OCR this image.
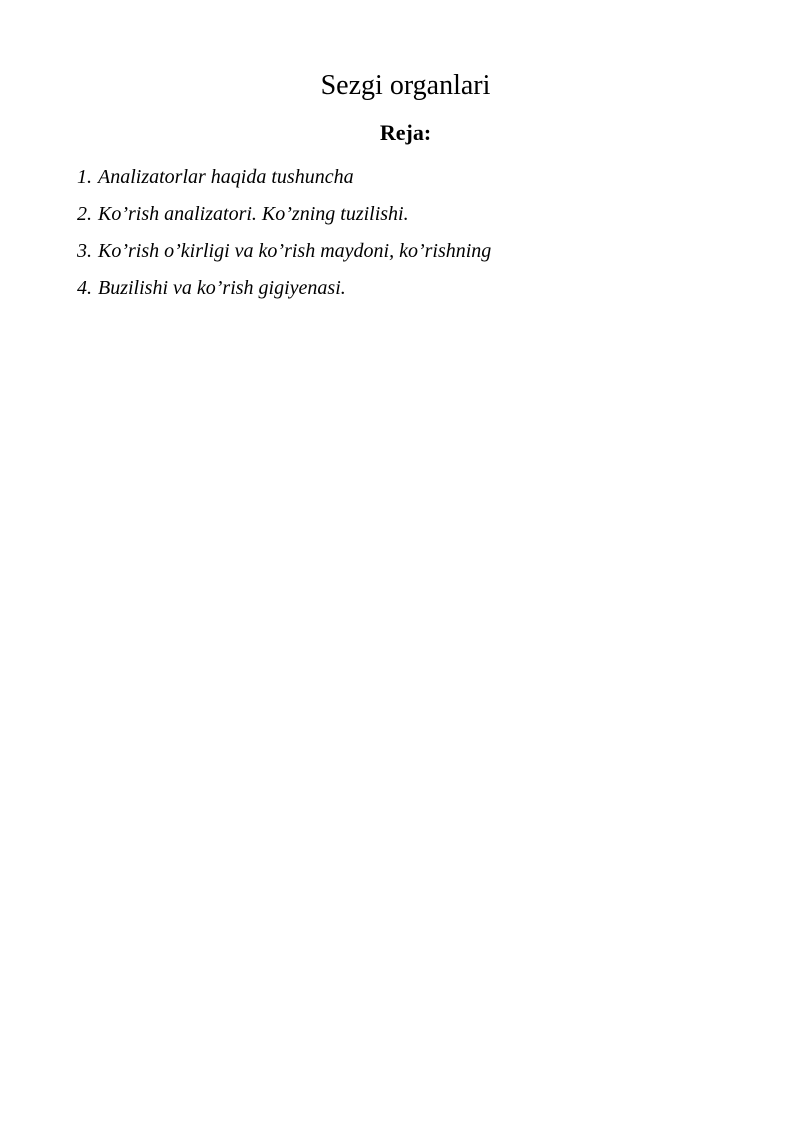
Sezgi organlari
Reja:
1. Analizatorlar haqida tushuncha
2. Ko’rish analizatori. Ko’zning tuzilishi.
3. Ko’rish o’kirligi va ko’rish maydoni, ko’rishning
4. Buzilishi va ko’rish gigiyenasi.
